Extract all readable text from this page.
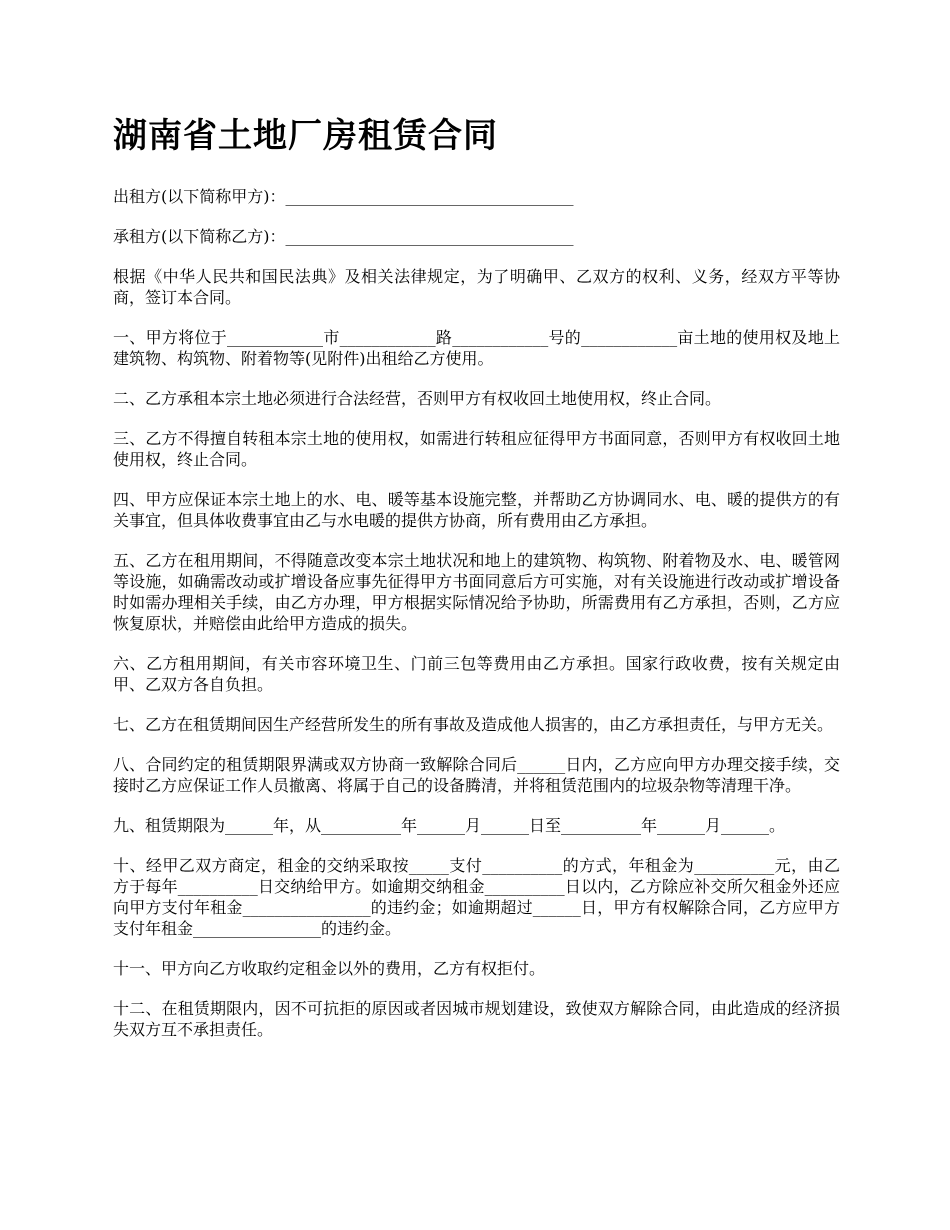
湖南省土地厂房租赁合同

出租方(以下简称甲方)：____________________________________

承租方(以下简称乙方)：____________________________________

根据《中华人民共和国民法典》及相关法律规定，为了明确甲、乙双方的权利、义务，经双方平等协商，签订本合同。

一、甲方将位于____________市____________路____________号的____________亩土地的使用权及地上建筑物、构筑物、附着物等(见附件)出租给乙方使用。

二、乙方承租本宗土地必须进行合法经营，否则甲方有权收回土地使用权，终止合同。

三、乙方不得擅自转租本宗土地的使用权，如需进行转租应征得甲方书面同意，否则甲方有权收回土地使用权，终止合同。

四、甲方应保证本宗土地上的水、电、暖等基本设施完整，并帮助乙方协调同水、电、暖的提供方的有关事宜，但具体收费事宜由乙与水电暖的提供方协商，所有费用由乙方承担。

五、乙方在租用期间，不得随意改变本宗土地状况和地上的建筑物、构筑物、附着物及水、电、暖管网等设施，如确需改动或扩增设备应事先征得甲方书面同意后方可实施，对有关设施进行改动或扩增设备时如需办理相关手续，由乙方办理，甲方根据实际情况给予协助，所需费用有乙方承担，否则，乙方应恢复原状，并赔偿由此给甲方造成的损失。

六、乙方租用期间，有关市容环境卫生、门前三包等费用由乙方承担。国家行政收费，按有关规定由甲、乙双方各自负担。

七、乙方在租赁期间因生产经营所发生的所有事故及造成他人损害的，由乙方承担责任，与甲方无关。

八、合同约定的租赁期限界满或双方协商一致解除合同后______日内，乙方应向甲方办理交接手续，交接时乙方应保证工作人员撤离、将属于自己的设备腾清，并将租赁范围内的垃圾杂物等清理干净。

九、租赁期限为______年，从__________年______月______日至__________年______月______。

十、经甲乙双方商定，租金的交纳采取按_____支付__________的方式，年租金为__________元，由乙方于每年__________日交纳给甲方。如逾期交纳租金__________日以内，乙方除应补交所欠租金外还应向甲方支付年租金________________的违约金；如逾期超过______日，甲方有权解除合同，乙方应甲方支付年租金________________的违约金。

十一、甲方向乙方收取约定租金以外的费用，乙方有权拒付。

十二、在租赁期限内，因不可抗拒的原因或者因城市规划建设，致使双方解除合同，由此造成的经济损失双方互不承担责任。
